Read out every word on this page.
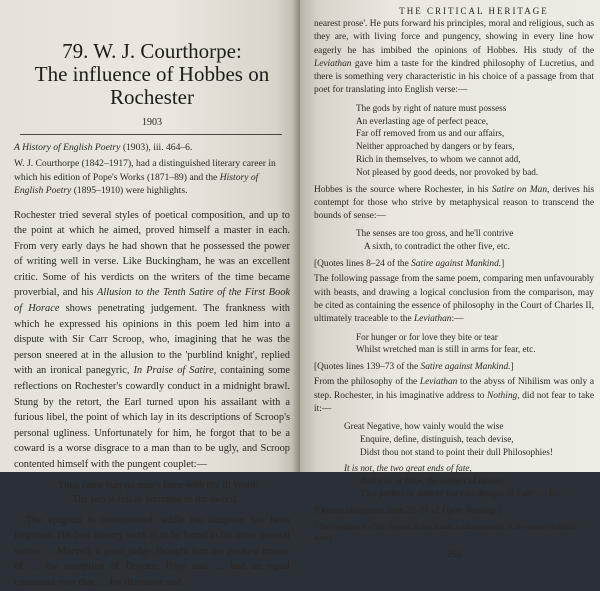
79. W. J. Courthorpe:
The influence of Hobbes on Rochester
1903

A History of English Poetry (1903), iii. 464–6.

W. J. Courthorpe (1842–1917), had a distinguished literary career in which his edition of Pope's Works (1871–89) and the History of English Poetry (1895–1910) were highlights.

Rochester tried several styles of poetical composition, and up to the point at which he aimed, proved himself a master in each. From very early days he had shown that he possessed the power of writing well in verse. Like Buckingham, he was an excellent critic. Some of his verdicts on the writers of the time became proverbial, and his Allusion to the Tenth Satire of the First Book of Horace shows penetrating judgement. The frankness with which he expressed his opinions in this poem led him into a dispute with Sir Carr Scroop, who, imagining that he was the person sneered at in the allusion to the 'purblind knight', replied with an ironical panegyric, In Praise of Satire, containing some reflections on Rochester's cowardly conduct in a midnight brawl. Stung by the retort, the Earl turned upon his assailant with a furious libel, the point of which lay in its descriptions of Scroop's personal ugliness. Unfortunately for him, he forgot that to be a coward is a worse disgrace to a man than to be ugly, and Scroop contented himself with the pungent couplet:—

Thou canst hurt no man's fame with thy ill Word:
Thy pen is full as harmless as thy sword.

The epigram is remembered, while the lampoon has been forgotten. His best literary work is to be found in his more general satires … Marvell, a good judge, thought him the greatest master of … the exception of Dryden, Pope and … had an equal command over that … for discourse and

THE CRITICAL HERITAGE

nearest prose'. He puts forward his principles, moral and religious, such as they are, with living force and pungency, showing in every line how eagerly he has imbibed the opinions of Hobbes. His study of the Leviathan gave him a taste for the kindred philosophy of Lucretius, and there is something very characteristic in his choice of a passage from that poet for translating into English verse:—

The gods by right of nature must possess
An everlasting age of perfect peace,
Far off removed from us and our affairs,
Neither approached by dangers or by fears,
Rich in themselves, to whom we cannot add,
Not pleased by good deeds, nor provoked by bad.

Hobbes is the source where Rochester, in his Satire on Man, derives his contempt for those who strive by metaphysical reason to transcend the bounds of sense:—

The senses are too gross, and he'll contrive
A sixth, to contradict the other five, etc.

[Quotes lines 8–24 of the Satire against Mankind.]

The following passage from the same poem, comparing men unfavourably with beasts, and drawing a logical conclusion from the comparison, may be cited as containing the essence of philosophy in the Court of Charles II, ultimately traceable to the Leviathan:—

For hunger or for love they bite or tear
Whilst wretched man is still in arms for fear, etc.

[Quotes lines 139–73 of the Satire against Mankind.]

From the philosophy of the Leviathan to the abyss of Nihilism was only a step. Rochester, in his imaginative address to Nothing, did not fear to take it:—

Great Negative, how vainly would the wise
Enquire, define, distinguish, teach devise,
Didst thou not stand to point their dull Philosophies!
It is not, the two great ends of fate,
And true or false, the subject of debate,
That perfect or destroy the vast designs of Fate¹. . . Etc.

[Quotes altogether lines 28–51 of Upon Nothing.]

¹ The negligence of the rhymes in this stanza is characteristic of the writer. (Author's note.)

265
